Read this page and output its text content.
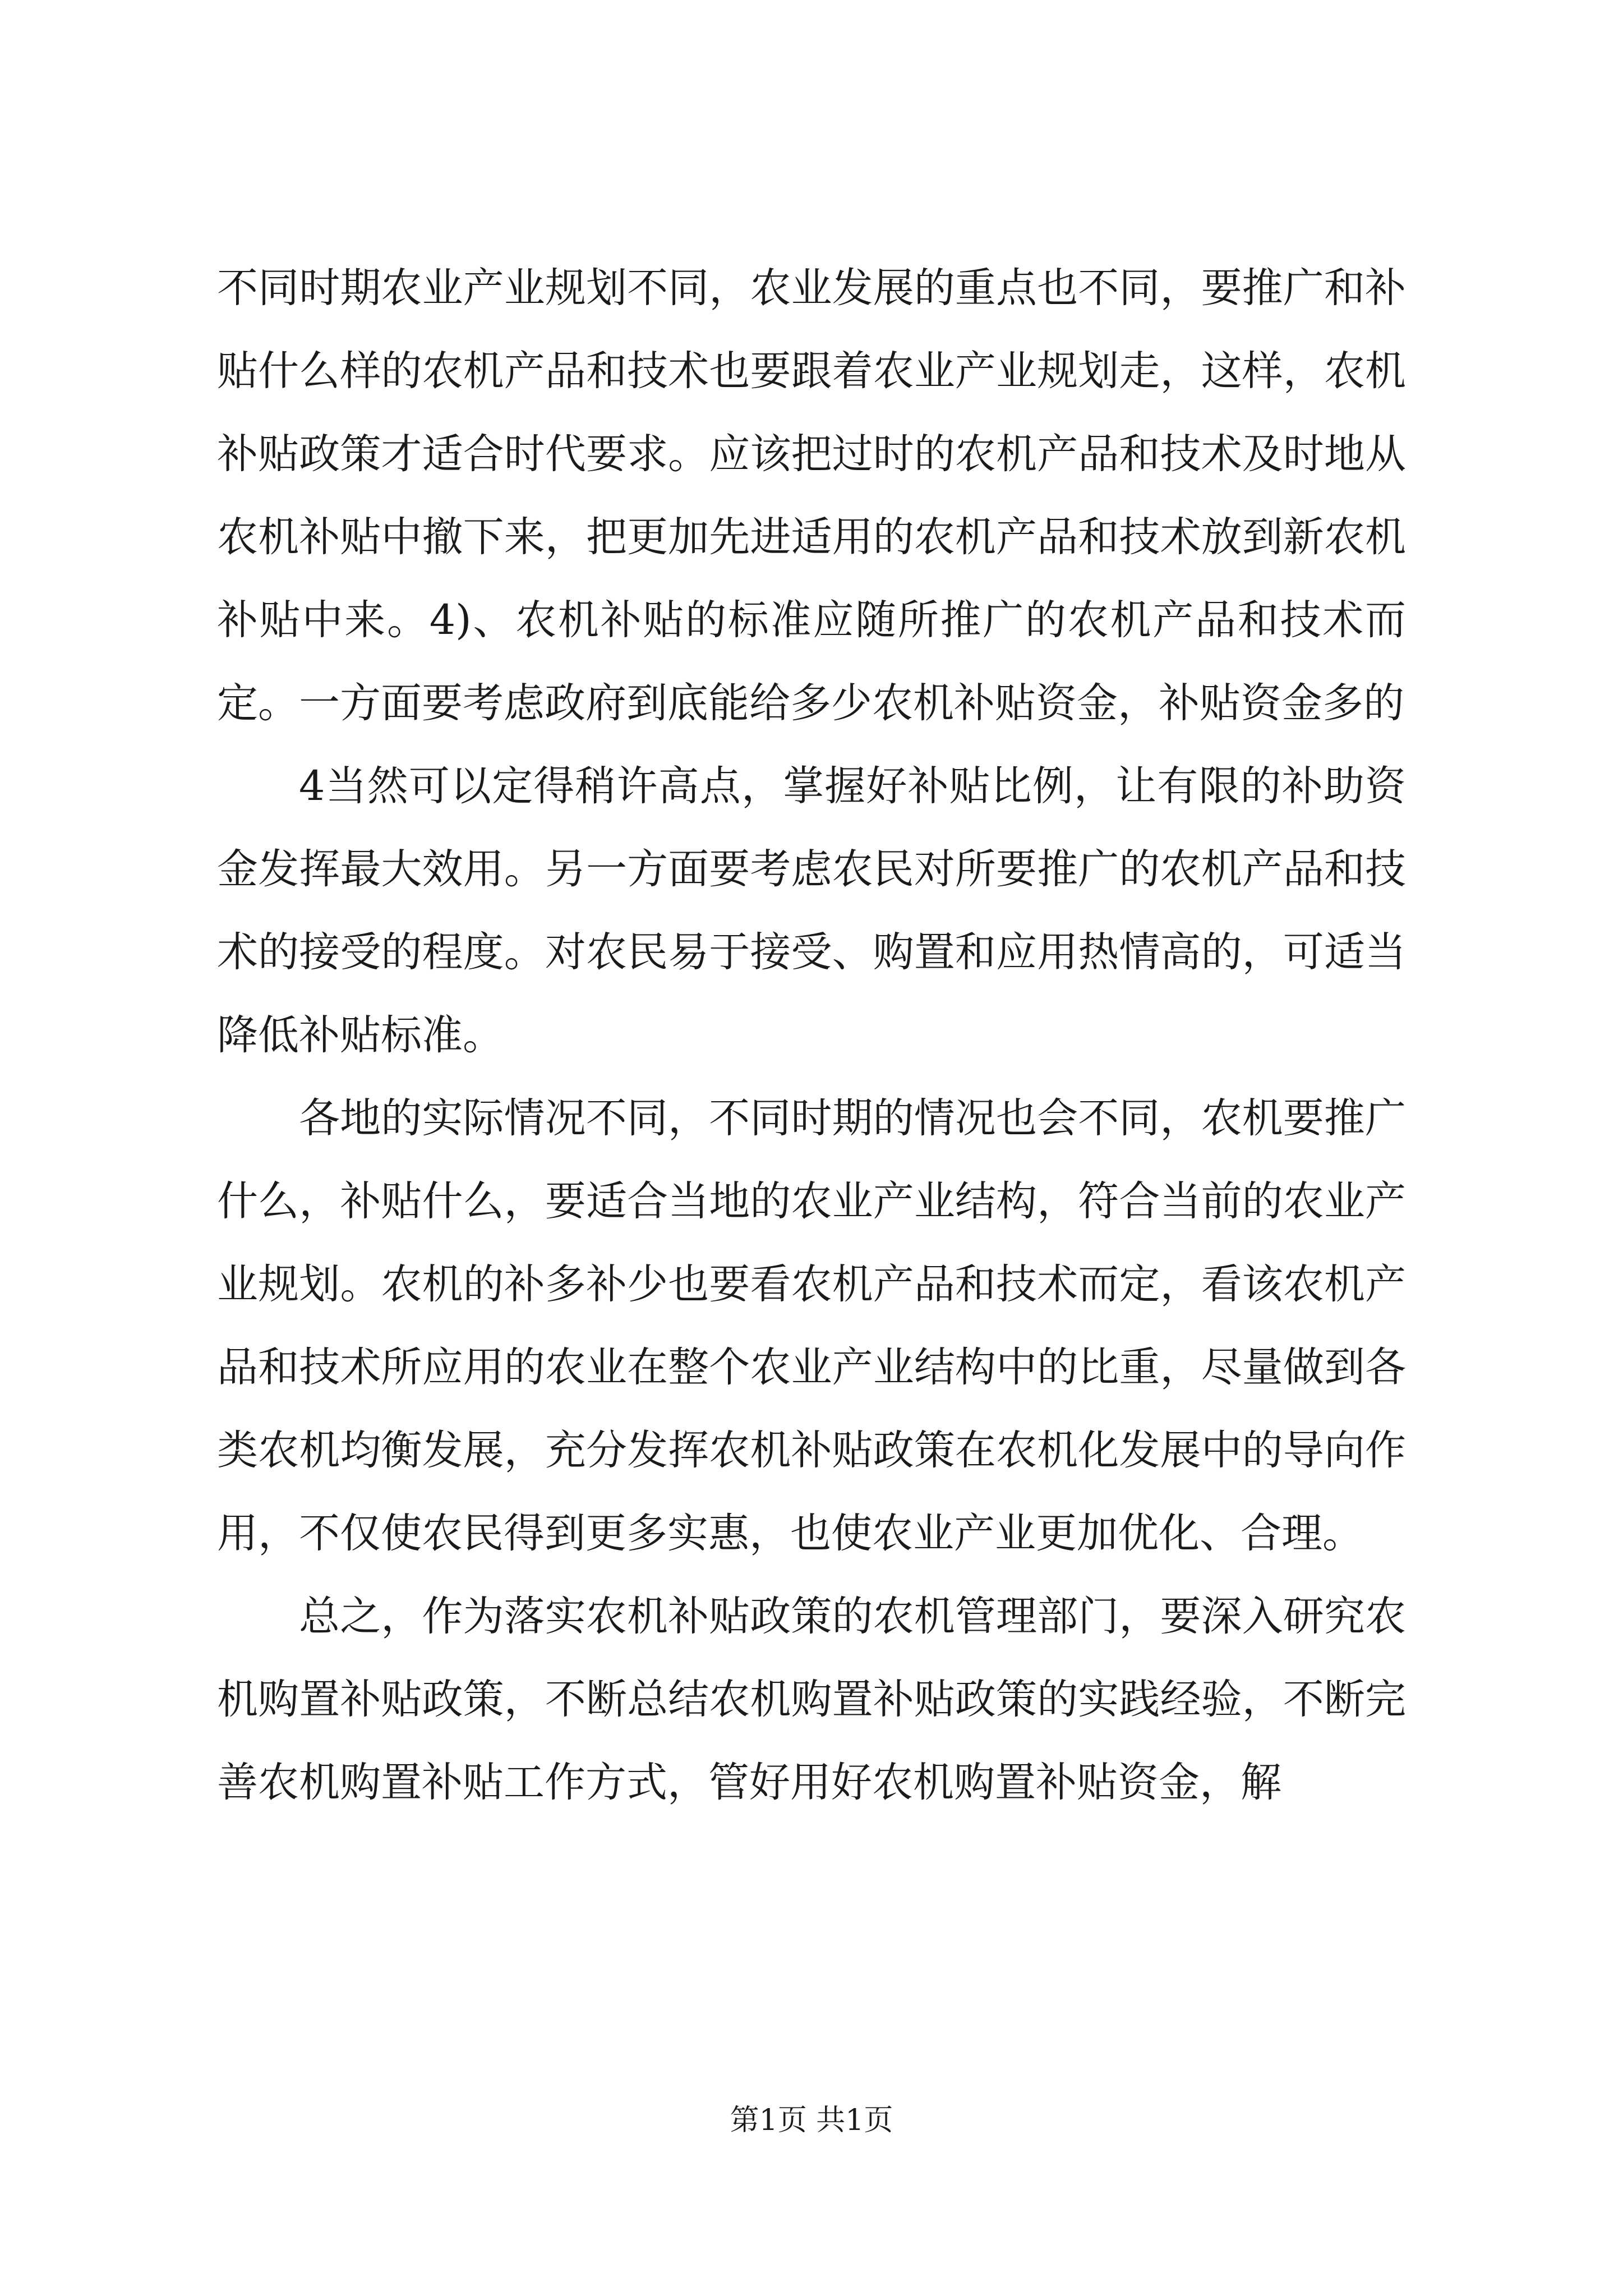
不同时期农业产业规划不同，农业发展的重点也不同，要推广和补贴什么样的农机产品和技术也要跟着农业产业规划走，这样，农机补贴政策才适合时代要求。应该把过时的农机产品和技术及时地从农机补贴中撤下来，把更加先进适用的农机产品和技术放到新农机补贴中来。4)、农机补贴的标准应随所推广的农机产品和技术而定。一方面要考虑政府到底能给多少农机补贴资金，补贴资金多的

4当然可以定得稍许高点，掌握好补贴比例，让有限的补助资金发挥最大效用。另一方面要考虑农民对所要推广的农机产品和技术的接受的程度。对农民易于接受、购置和应用热情高的，可适当降低补贴标准。

各地的实际情况不同，不同时期的情况也会不同，农机要推广什么，补贴什么，要适合当地的农业产业结构，符合当前的农业产业规划。农机的补多补少也要看农机产品和技术而定，看该农机产品和技术所应用的农业在整个农业产业结构中的比重，尽量做到各类农机均衡发展，充分发挥农机补贴政策在农机化发展中的导向作用，不仅使农民得到更多实惠，也使农业产业更加优化、合理。

总之，作为落实农机补贴政策的农机管理部门，要深入研究农机购置补贴政策，不断总结农机购置补贴政策的实践经验，不断完善农机购置补贴工作方式，管好用好农机购置补贴资金，解

第1页 共1页
